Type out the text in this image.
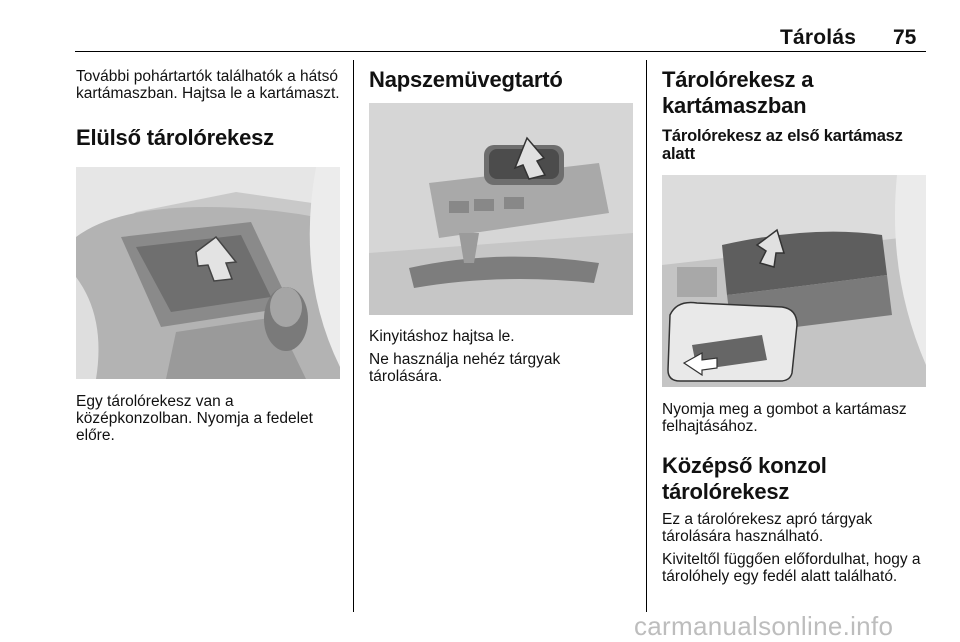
Tárolás 75

További pohártartók találhatók a hátsó kartámaszban. Hajtsa le a kartámaszt.

Elülső tárolórekesz

Egy tárolórekesz van a középkonzolban. Nyomja a fedelet előre.

Napszemüvegtartó

Kinyitáshoz hajtsa le.

Ne használja nehéz tárgyak tárolására.

Tárolórekesz a kartámaszban
Tárolórekesz az első kartámasz alatt

Nyomja meg a gombot a kartámasz felhajtásához.

Középső konzol tárolórekesz

Ez a tárolórekesz apró tárgyak tárolására használható.

Kiviteltől függően előfordulhat, hogy a tárolóhely egy fedél alatt található.

carmanualsonline.info
